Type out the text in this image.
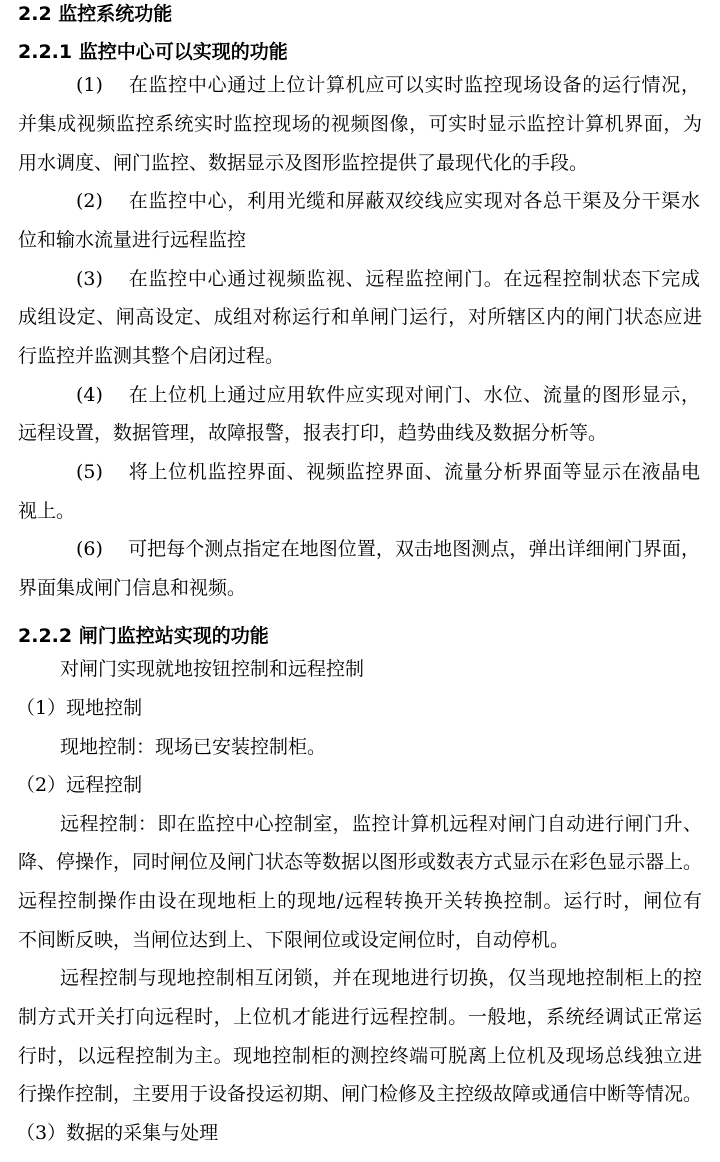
2.2 监控系统功能
2.2.1 监控中心可以实现的功能
(1) 在监控中心通过上位计算机应可以实时监控现场设备的运行情况，
并集成视频监控系统实时监控现场的视频图像，可实时显示监控计算机界面，为
用水调度、闸门监控、数据显示及图形监控提供了最现代化的手段。
(2) 在监控中心，利用光缆和屏蔽双绞线应实现对各总干渠及分干渠水
位和输水流量进行远程监控
(3) 在监控中心通过视频监视、远程监控闸门。在远程控制状态下完成
成组设定、闸高设定、成组对称运行和单闸门运行，对所辖区内的闸门状态应进
行监控并监测其整个启闭过程。
(4) 在上位机上通过应用软件应实现对闸门、水位、流量的图形显示，
远程设置，数据管理，故障报警，报表打印，趋势曲线及数据分析等。
(5) 将上位机监控界面、视频监控界面、流量分析界面等显示在液晶电
视上。
(6) 可把每个测点指定在地图位置，双击地图测点，弹出详细闸门界面，
界面集成闸门信息和视频。
2.2.2 闸门监控站实现的功能
对闸门实现就地按钮控制和远程控制
（1）现地控制
现地控制：现场已安装控制柜。
（2）远程控制
远程控制：即在监控中心控制室，监控计算机远程对闸门自动进行闸门升、
降、停操作，同时闸位及闸门状态等数据以图形或数表方式显示在彩色显示器上。
远程控制操作由设在现地柜上的现地/远程转换开关转换控制。运行时，闸位有
不间断反映，当闸位达到上、下限闸位或设定闸位时，自动停机。
远程控制与现地控制相互闭锁，并在现地进行切换，仅当现地控制柜上的控
制方式开关打向远程时，上位机才能进行远程控制。一般地，系统经调试正常运
行时，以远程控制为主。现地控制柜的测控终端可脱离上位机及现场总线独立进
行操作控制，主要用于设备投运初期、闸门检修及主控级故障或通信中断等情况。
（3）数据的采集与处理
